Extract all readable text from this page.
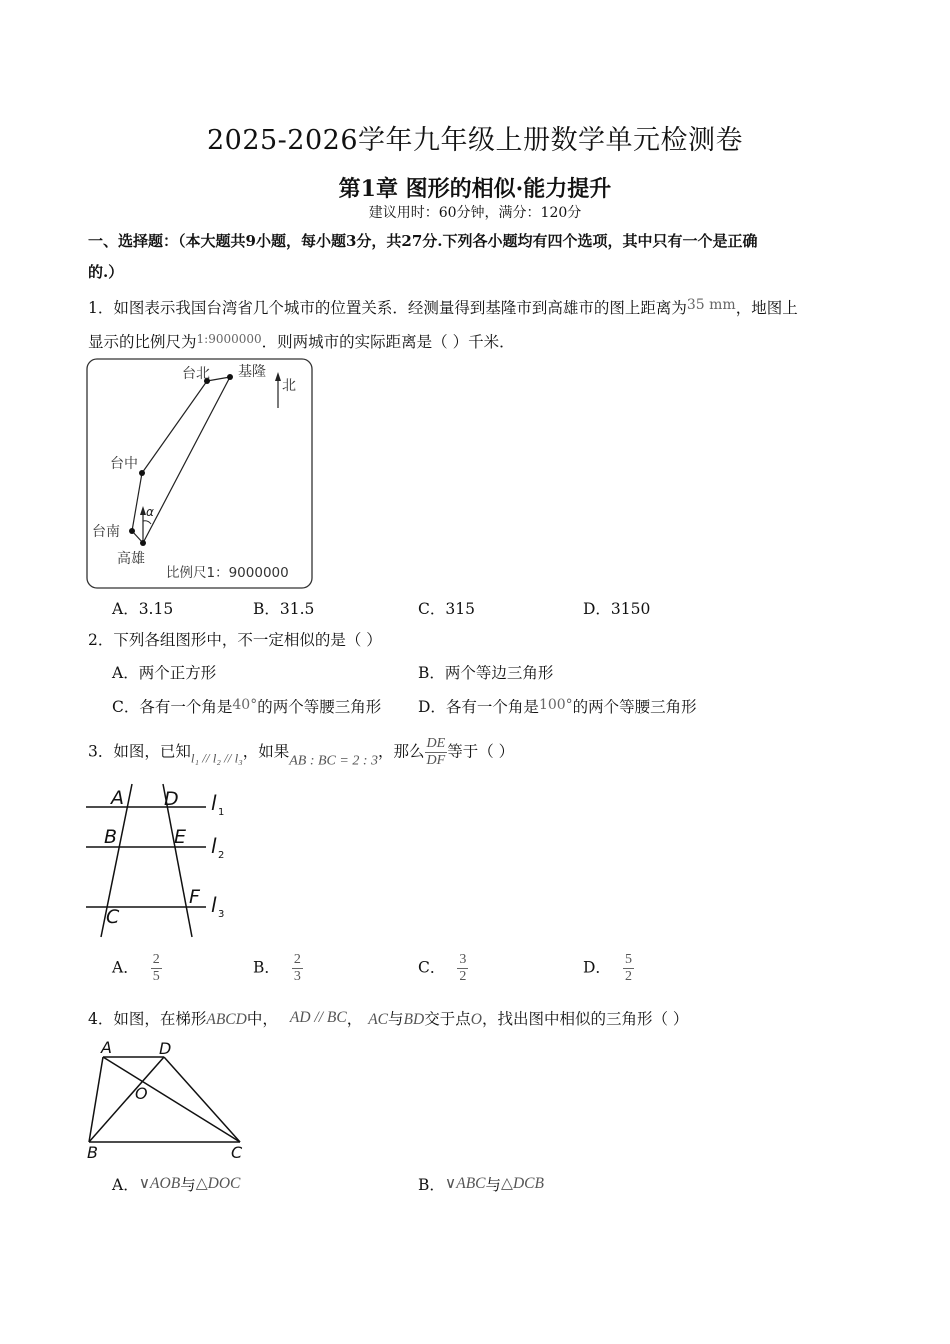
2025-2026学年九年级上册数学单元检测卷
第1章 图形的相似·能力提升
建议用时：60分钟，满分：120分
一、选择题：（本大题共9小题，每小题3分，共27分.下列各小题均有四个选项，其中只有一个是正确
的.）
1．如图表示我国台湾省几个城市的位置关系．经测量得到基隆市到高雄市的图上距离为35 mm，地图上
显示的比例尺为$^{1:9000000}$．则两城市的实际距离是（ ）千米．
α
北
台北 基隆
台中
台南
高雄
比例尺1：9000000
A．3.15	B．31.5	C．315	D．3150
2．下列各组图形中，不一定相似的是（ ）
A．两个正方形	B．两个等边三角形
C．各有一个角是40°的两个等腰三角形 D．各有一个角是100°的两个等腰三角形
3．如图，已知$_{l_1 // l_2 // l_3}$，如果AB : BC = 2 : 3，那么 $\frac{DE}{DF}$ 等于（ ）
A D
B	E
F
C
l 1
l 2
l 3
A． $\frac{2}{5}$	B． $\frac{2}{3}$	C． $\frac{3}{2}$	D． $\frac{5}{2}$
4．如图，在梯形ABCD中， AD // BC， AC与BD交于点O，找出图中相似的三角形（ ）
A	D
O
B	C
A．∨AOB与△DOC	B．∨ABC与△DCB
